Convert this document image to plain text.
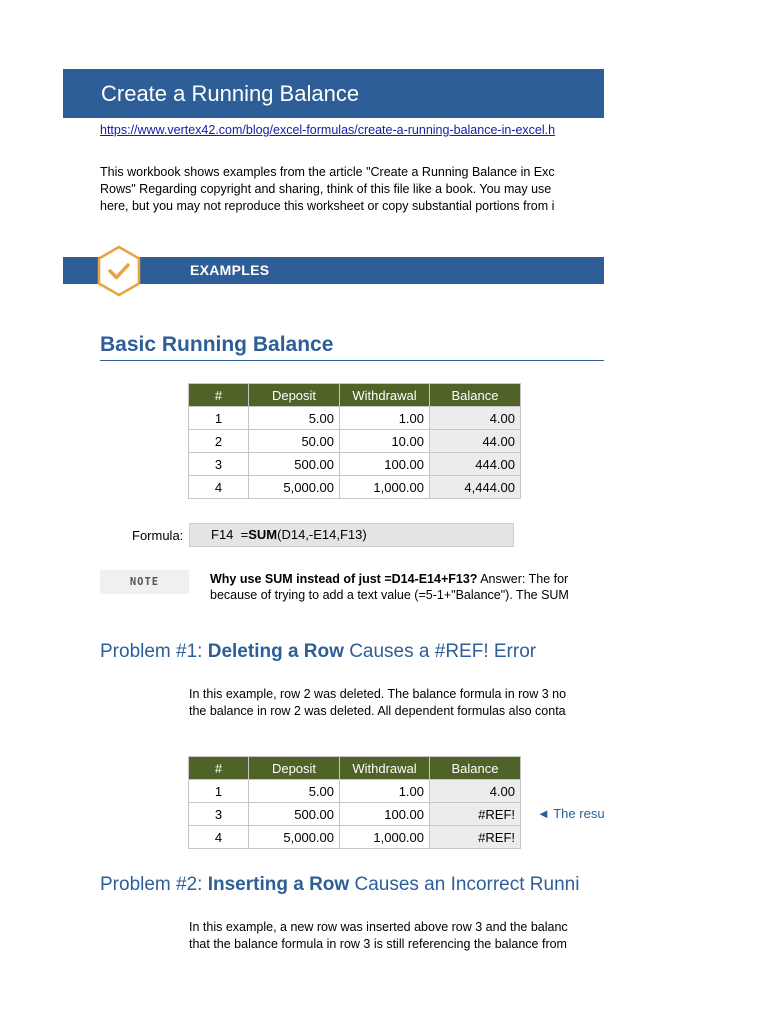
Create a Running Balance
https://www.vertex42.com/blog/excel-formulas/create-a-running-balance-in-excel.h
This workbook shows examples from the article "Create a Running Balance in Exc
Rows" Regarding copyright and sharing, think of this file like a book. You may use
here, but you may not reproduce this worksheet or copy substantial portions from i
EXAMPLES
Basic Running Balance
#	Deposit	Withdrawal	Balance
1	5.00	1.00	4.00
2	50.00	10.00	44.00
3	500.00	100.00	444.00
4	5,000.00	1,000.00	4,444.00
Formula:	F14 =SUM(D14,-E14,F13)
NOTE	Why use SUM instead of just =D14-E14+F13? Answer: The for
because of trying to add a text value (=5-1+"Balance"). The SUM
Problem #1: Deleting a Row Causes a #REF! Error
In this example, row 2 was deleted. The balance formula in row 3 no
the balance in row 2 was deleted. All dependent formulas also conta
#	Deposit	Withdrawal	Balance
1	5.00	1.00	4.00
3	500.00	100.00	#REF!
4	5,000.00	1,000.00	#REF!
◄ The resu
Problem #2: Inserting a Row Causes an Incorrect Runni
In this example, a new row was inserted above row 3 and the balanc
that the balance formula in row 3 is still referencing the balance from
